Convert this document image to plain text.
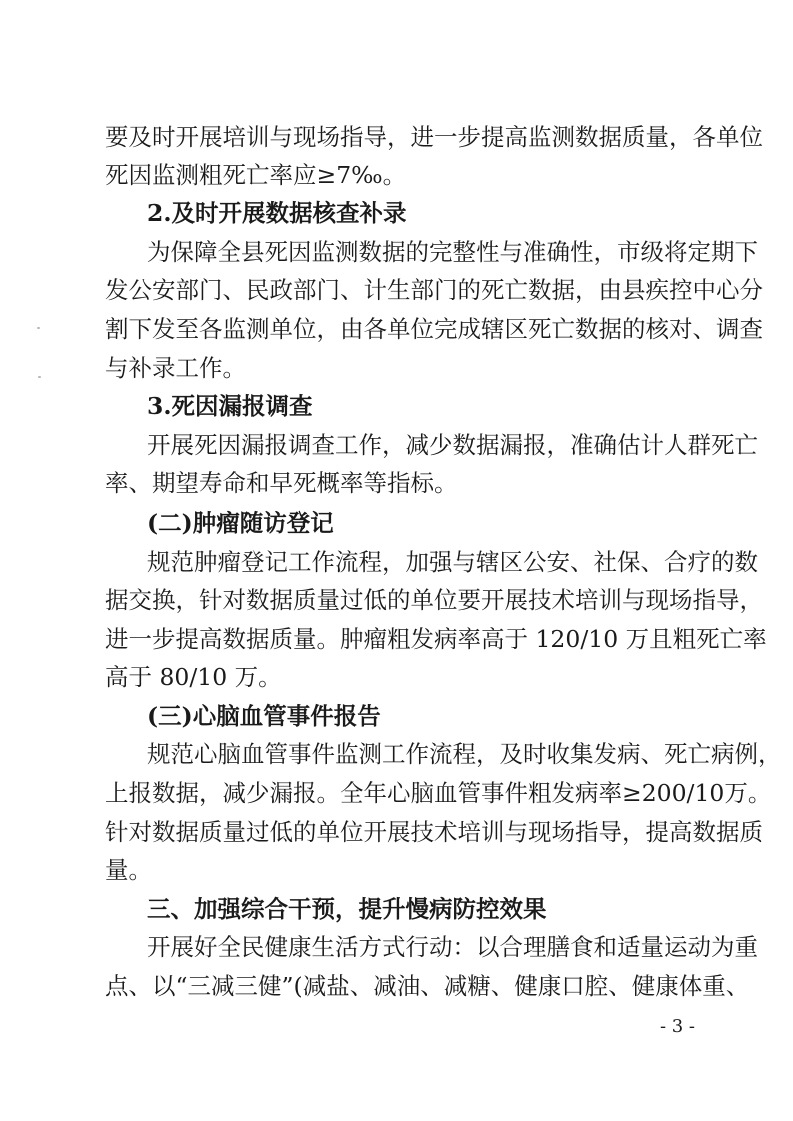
要及时开展培训与现场指导，进一步提高监测数据质量，各单位
死因监测粗死亡率应≥7‰。
2.及时开展数据核查补录
为保障全县死因监测数据的完整性与准确性，市级将定期下
发公安部门、民政部门、计生部门的死亡数据，由县疾控中心分
割下发至各监测单位，由各单位完成辖区死亡数据的核对、调查
与补录工作。
3.死因漏报调查
开展死因漏报调查工作，减少数据漏报，准确估计人群死亡
率、期望寿命和早死概率等指标。
(二)肿瘤随访登记
规范肿瘤登记工作流程，加强与辖区公安、社保、合疗的数
据交换，针对数据质量过低的单位要开展技术培训与现场指导，
进一步提高数据质量。肿瘤粗发病率高于 120/10 万且粗死亡率
高于 80/10 万。
(三)心脑血管事件报告
规范心脑血管事件监测工作流程，及时收集发病、死亡病例，
上报数据，减少漏报。全年心脑血管事件粗发病率≥200/10万。
针对数据质量过低的单位开展技术培训与现场指导，提高数据质
量。
三、加强综合干预，提升慢病防控效果
开展好全民健康生活方式行动：以合理膳食和适量运动为重
点、以“三减三健”(减盐、减油、减糖、健康口腔、健康体重、
- 3 -
